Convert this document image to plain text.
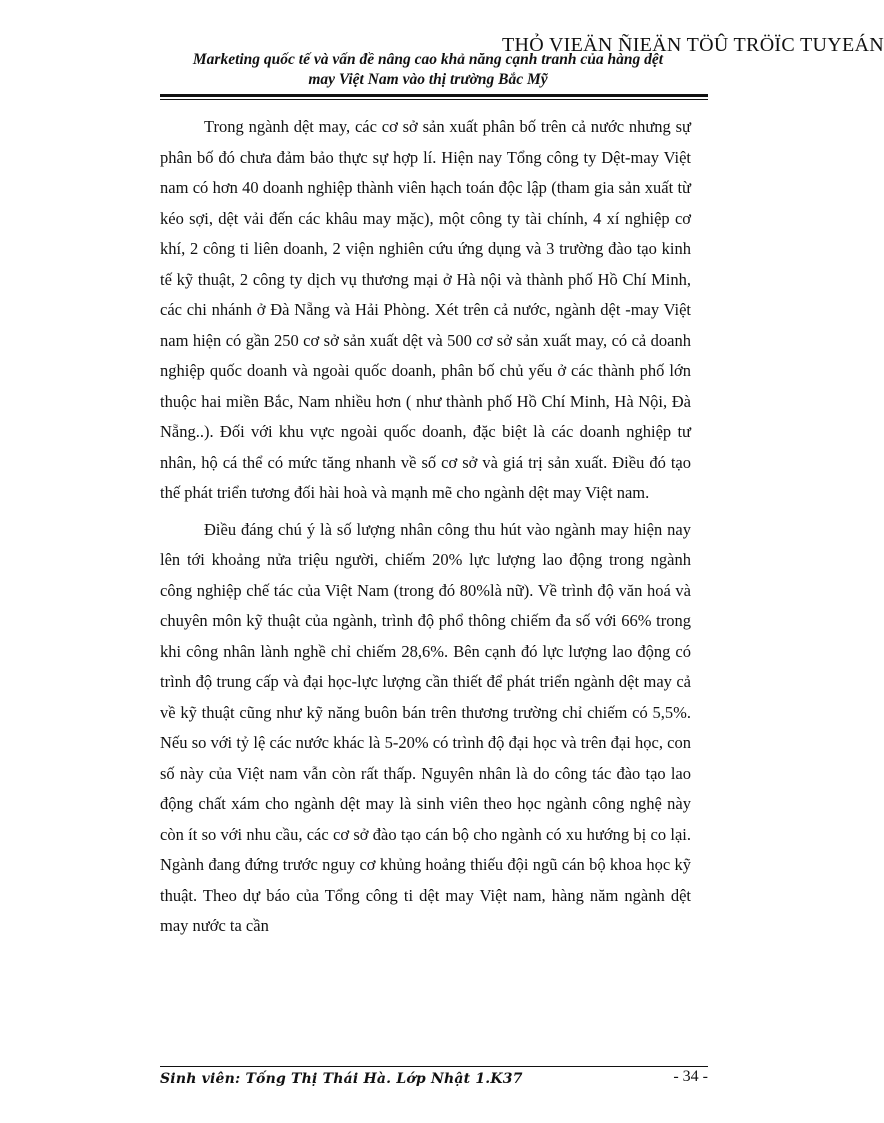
THỎ VIEÄN ÑIEÄN TÖÛ TRÖÏC TUYEÁN
Marketing quốc tế và vấn đề nâng cao khả năng cạnh tranh của hàng dệt
may Việt Nam vào thị trường Bắc Mỹ

Trong ngành dệt may, các cơ sở sản xuất phân bố trên cả nước nhưng sự phân bố đó chưa đảm bảo thực sự hợp lí. Hiện nay Tổng công ty Dệt-may Việt nam có hơn 40 doanh nghiệp thành viên hạch toán độc lập (tham gia sản xuất từ kéo sợi, dệt vải đến các khâu may mặc), một công ty tài chính, 4 xí nghiệp cơ khí, 2 công ti liên doanh, 2 viện nghiên cứu ứng dụng và 3 trường đào tạo kinh tế kỹ thuật, 2 công ty dịch vụ thương mại ở Hà nội và thành phố Hồ Chí Minh, các chi nhánh ở Đà Nẵng và Hải Phòng. Xét trên cả nước, ngành dệt -may Việt nam hiện có gần 250 cơ sở sản xuất dệt và 500 cơ sở sản xuất may, có cả doanh nghiệp quốc doanh và ngoài quốc doanh, phân bố chủ yếu ở các thành phố lớn thuộc hai miền Bắc, Nam nhiều hơn ( như thành phố Hồ Chí Minh, Hà Nội, Đà Nẵng..). Đối với khu vực ngoài quốc doanh, đặc biệt là các doanh nghiệp tư nhân, hộ cá thể có mức tăng nhanh về số cơ sở và giá trị sản xuất. Điều đó tạo thế phát triển tương đối hài hoà và mạnh mẽ cho ngành dệt may Việt nam.

Điều đáng chú ý là số lượng nhân công thu hút vào ngành may hiện nay lên tới khoảng nửa triệu người, chiếm 20% lực lượng lao động trong ngành công nghiệp chế tác của Việt Nam (trong đó 80%là nữ). Về trình độ văn hoá và chuyên môn kỹ thuật của ngành, trình độ phổ thông chiếm đa số với 66% trong khi công nhân lành nghề chỉ chiếm 28,6%. Bên cạnh đó lực lượng lao động có trình độ trung cấp và đại học-lực lượng cần thiết để phát triển ngành dệt may cả về kỹ thuật cũng như kỹ năng buôn bán trên thương trường chỉ chiếm có 5,5%. Nếu so với tỷ lệ các nước khác là 5-20% có trình độ đại học và trên đại học, con số này của Việt nam vẫn còn rất thấp. Nguyên nhân là do công tác đào tạo lao động chất xám cho ngành dệt may là sinh viên theo học ngành công nghệ này còn ít so với nhu cầu, các cơ sở đào tạo cán bộ cho ngành có xu hướng bị co lại. Ngành đang đứng trước nguy cơ khủng hoảng thiếu đội ngũ cán bộ khoa học kỹ thuật. Theo dự báo của Tổng công ti dệt may Việt nam, hàng năm ngành dệt may nước ta cần

Sinh viên: Tống Thị Thái Hà. Lớp Nhật 1.K37	- 34 -
